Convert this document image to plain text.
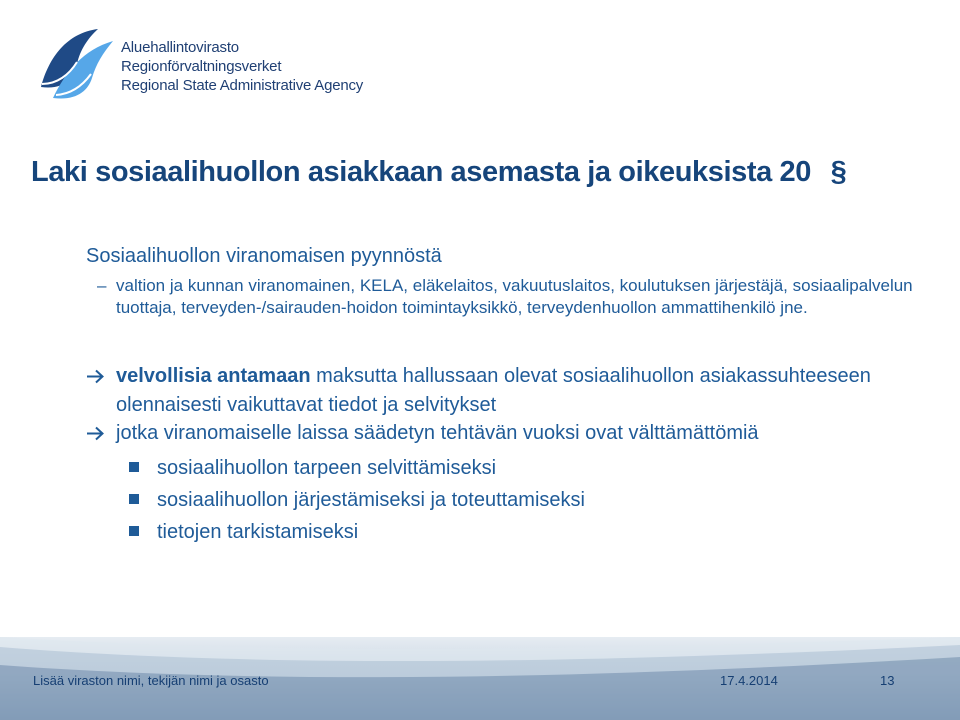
Aluehallintovirasto
Regionförvaltningsverket
Regional State Administrative Agency
Laki sosiaalihuollon asiakkaan asemasta ja oikeuksista 20 §

Sosiaalihuollon viranomaisen pyynnöstä

– valtion ja kunnan viranomainen, KELA, eläkelaitos, vakuutuslaitos, koulutuksen järjestäjä, sosiaalipalvelun tuottaja, terveyden-/sairauden-hoidon toimintayksikkö, terveydenhuollon ammattihenkilö jne.
velvollisia antamaan maksutta hallussaan olevat sosiaalihuollon asiakassuhteeseen olennaisesti vaikuttavat tiedot ja selvitykset
jotka viranomaiselle laissa säädetyn tehtävän vuoksi ovat välttämättömiä
sosiaalihuollon tarpeen selvittämiseksi
sosiaalihuollon järjestämiseksi ja toteuttamiseksi
tietojen tarkistamiseksi
Lisää viraston nimi, tekijän nimi ja osasto	17.4.2014	13
